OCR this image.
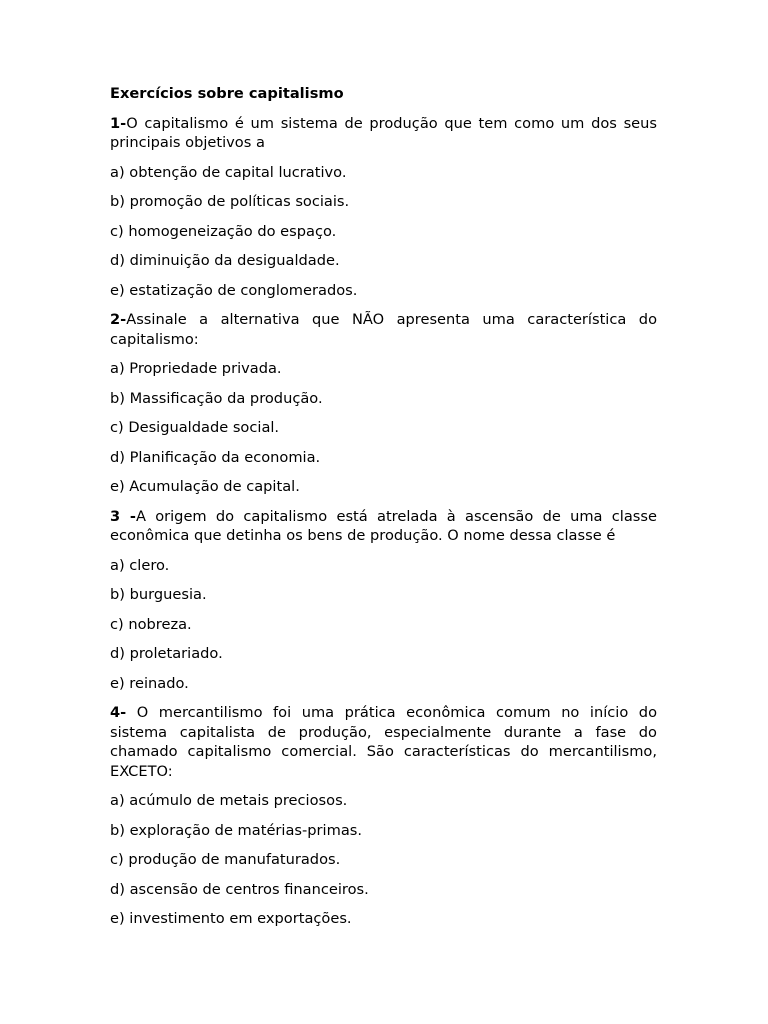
Exercícios sobre capitalismo

1-O capitalismo é um sistema de produção que tem como um dos seus principais objetivos a

a) obtenção de capital lucrativo.
b) promoção de políticas sociais.
c) homogeneização do espaço.
d) diminuição da desigualdade.
e) estatização de conglomerados.

2-Assinale a alternativa que NÃO apresenta uma característica do capitalismo:

a) Propriedade privada.
b) Massificação da produção.
c) Desigualdade social.
d) Planificação da economia.
e) Acumulação de capital.

3 -A origem do capitalismo está atrelada à ascensão de uma classe econômica que detinha os bens de produção. O nome dessa classe é

a) clero.
b) burguesia.
c) nobreza.
d) proletariado.
e) reinado.

4- O mercantilismo foi uma prática econômica comum no início do sistema capitalista de produção, especialmente durante a fase do chamado capitalismo comercial. São características do mercantilismo, EXCETO:

a) acúmulo de metais preciosos.
b) exploração de matérias-primas.
c) produção de manufaturados.
d) ascensão de centros financeiros.
e) investimento em exportações.
